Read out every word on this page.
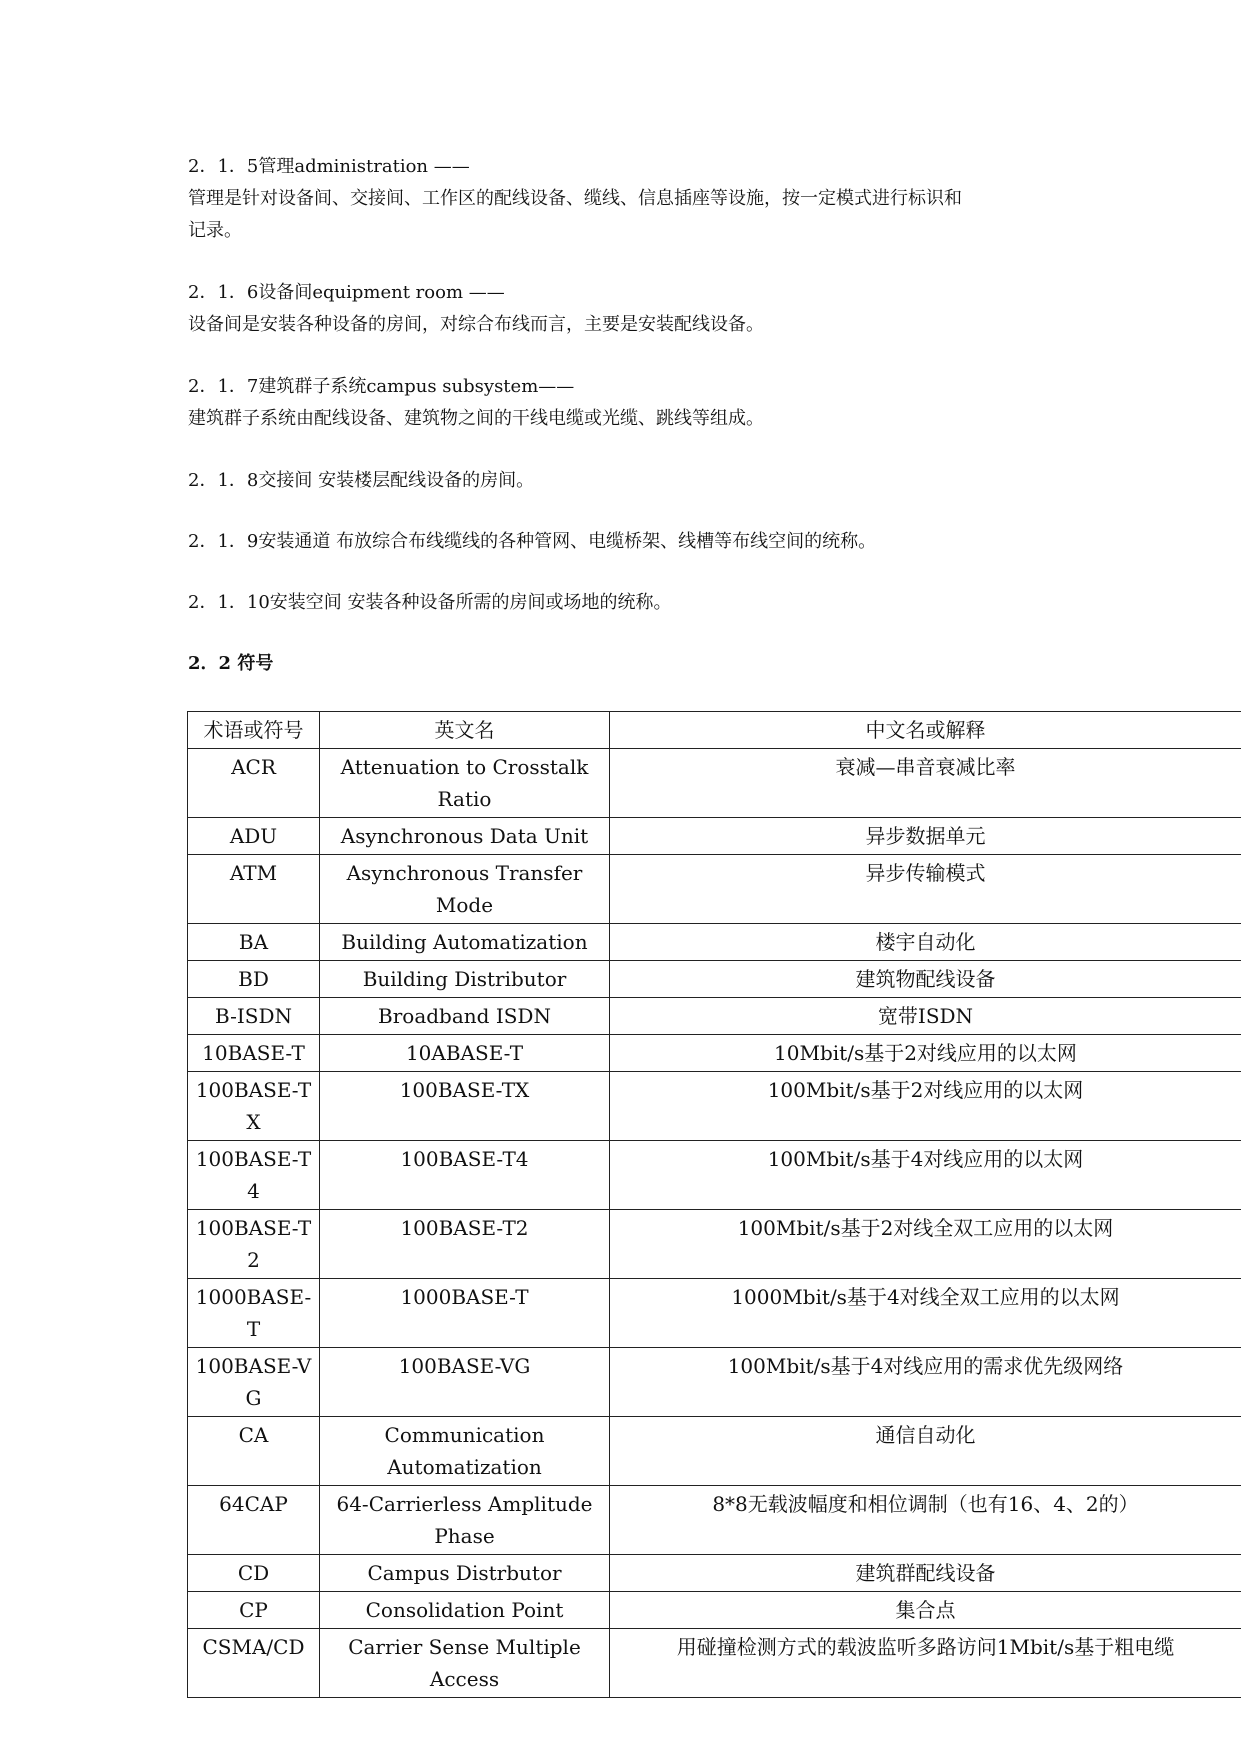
2．1．5管理administration ——
管理是针对设备间、交接间、工作区的配线设备、缆线、信息插座等设施，按一定模式进行标识和
记录。
2．1．6设备间equipment room ——
设备间是安装各种设备的房间，对综合布线而言，主要是安装配线设备。
2．1．7建筑群子系统campus subsystem——
建筑群子系统由配线设备、建筑物之间的干线电缆或光缆、跳线等组成。
2．1．8交接间 安装楼层配线设备的房间。
2．1．9安装通道 布放综合布线缆线的各种管网、电缆桥架、线槽等布线空间的统称。
2．1．10安装空间 安装各种设备所需的房间或场地的统称。
2．2 符号
术语或符号	英文名	中文名或解释
ACR	Attenuation to Crosstalk Ratio	衰减—串音衰减比率
ADU	Asynchronous Data Unit	异步数据单元
ATM	Asynchronous Transfer Mode	异步传输模式
BA	Building Automatization	楼宇自动化
BD	Building Distributor	建筑物配线设备
B-ISDN	Broadband ISDN	宽带ISDN
10BASE-T	10ABASE-T	10Mbit/s基于2对线应用的以太网
100BASE-TX	100BASE-TX	100Mbit/s基于2对线应用的以太网
100BASE-T4	100BASE-T4	100Mbit/s基于4对线应用的以太网
100BASE-T2	100BASE-T2	100Mbit/s基于2对线全双工应用的以太网
1000BASE-T	1000BASE-T	1000Mbit/s基于4对线全双工应用的以太网
100BASE-VG	100BASE-VG	100Mbit/s基于4对线应用的需求优先级网络
CA	Communication Automatization	通信自动化
64CAP	64-Carrierless Amplitude Phase	8*8无载波幅度和相位调制（也有16、4、2的）
CD	Campus Distrbutor	建筑群配线设备
CP	Consolidation Point	集合点
CSMA/CD	Carrier Sense Multiple Access	用碰撞检测方式的载波监听多路访问1Mbit/s基于粗电缆
